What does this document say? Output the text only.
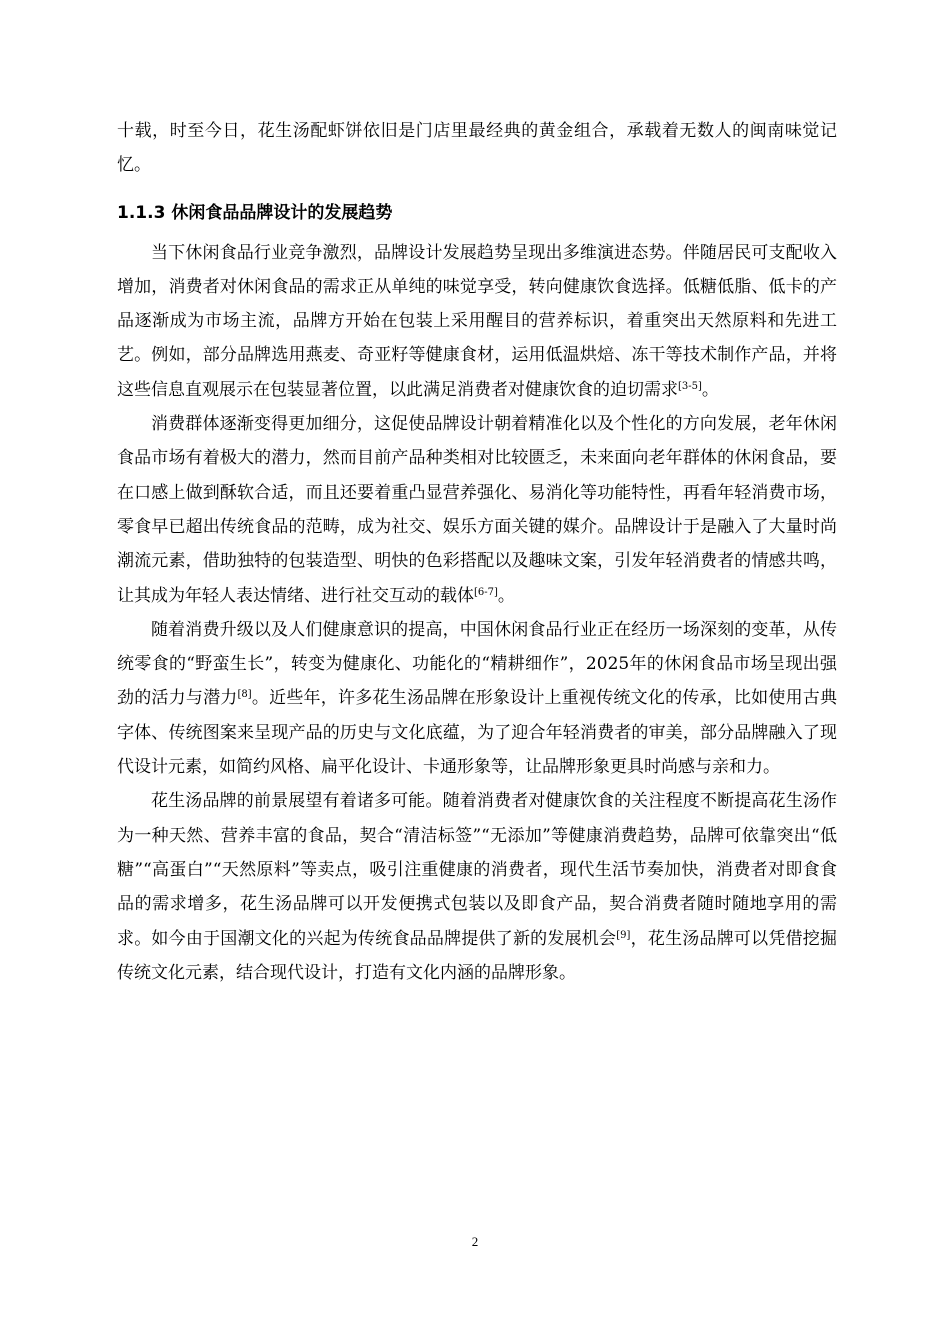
十载，时至今日，花生汤配虾饼依旧是门店里最经典的黄金组合，承载着无数人的闽南味觉记忆。

1.1.3 休闲食品品牌设计的发展趋势

当下休闲食品行业竞争激烈，品牌设计发展趋势呈现出多维演进态势。伴随居民可支配收入增加，消费者对休闲食品的需求正从单纯的味觉享受，转向健康饮食选择。低糖低脂、低卡的产品逐渐成为市场主流，品牌方开始在包装上采用醒目的营养标识，着重突出天然原料和先进工艺。例如，部分品牌选用燕麦、奇亚籽等健康食材，运用低温烘焙、冻干等技术制作产品，并将这些信息直观展示在包装显著位置，以此满足消费者对健康饮食的迫切需求[3-5]。

消费群体逐渐变得更加细分，这促使品牌设计朝着精准化以及个性化的方向发展，老年休闲食品市场有着极大的潜力，然而目前产品种类相对比较匮乏，未来面向老年群体的休闲食品，要在口感上做到酥软合适，而且还要着重凸显营养强化、易消化等功能特性，再看年轻消费市场，零食早已超出传统食品的范畴，成为社交、娱乐方面关键的媒介。品牌设计于是融入了大量时尚潮流元素，借助独特的包装造型、明快的色彩搭配以及趣味文案，引发年轻消费者的情感共鸣，让其成为年轻人表达情绪、进行社交互动的载体[6-7]。

随着消费升级以及人们健康意识的提高，中国休闲食品行业正在经历一场深刻的变革，从传统零食的“野蛮生长”，转变为健康化、功能化的“精耕细作”，2025年的休闲食品市场呈现出强劲的活力与潜力[8]。近些年，许多花生汤品牌在形象设计上重视传统文化的传承，比如使用古典字体、传统图案来呈现产品的历史与文化底蕴，为了迎合年轻消费者的审美，部分品牌融入了现代设计元素，如简约风格、扁平化设计、卡通形象等，让品牌形象更具时尚感与亲和力。

花生汤品牌的前景展望有着诸多可能。随着消费者对健康饮食的关注程度不断提高花生汤作为一种天然、营养丰富的食品，契合“清洁标签”“无添加”等健康消费趋势，品牌可依靠突出“低糖”“高蛋白”“天然原料”等卖点，吸引注重健康的消费者，现代生活节奏加快，消费者对即食食品的需求增多，花生汤品牌可以开发便携式包装以及即食产品，契合消费者随时随地享用的需求。如今由于国潮文化的兴起为传统食品品牌提供了新的发展机会[9]，花生汤品牌可以凭借挖掘传统文化元素，结合现代设计，打造有文化内涵的品牌形象。

2
